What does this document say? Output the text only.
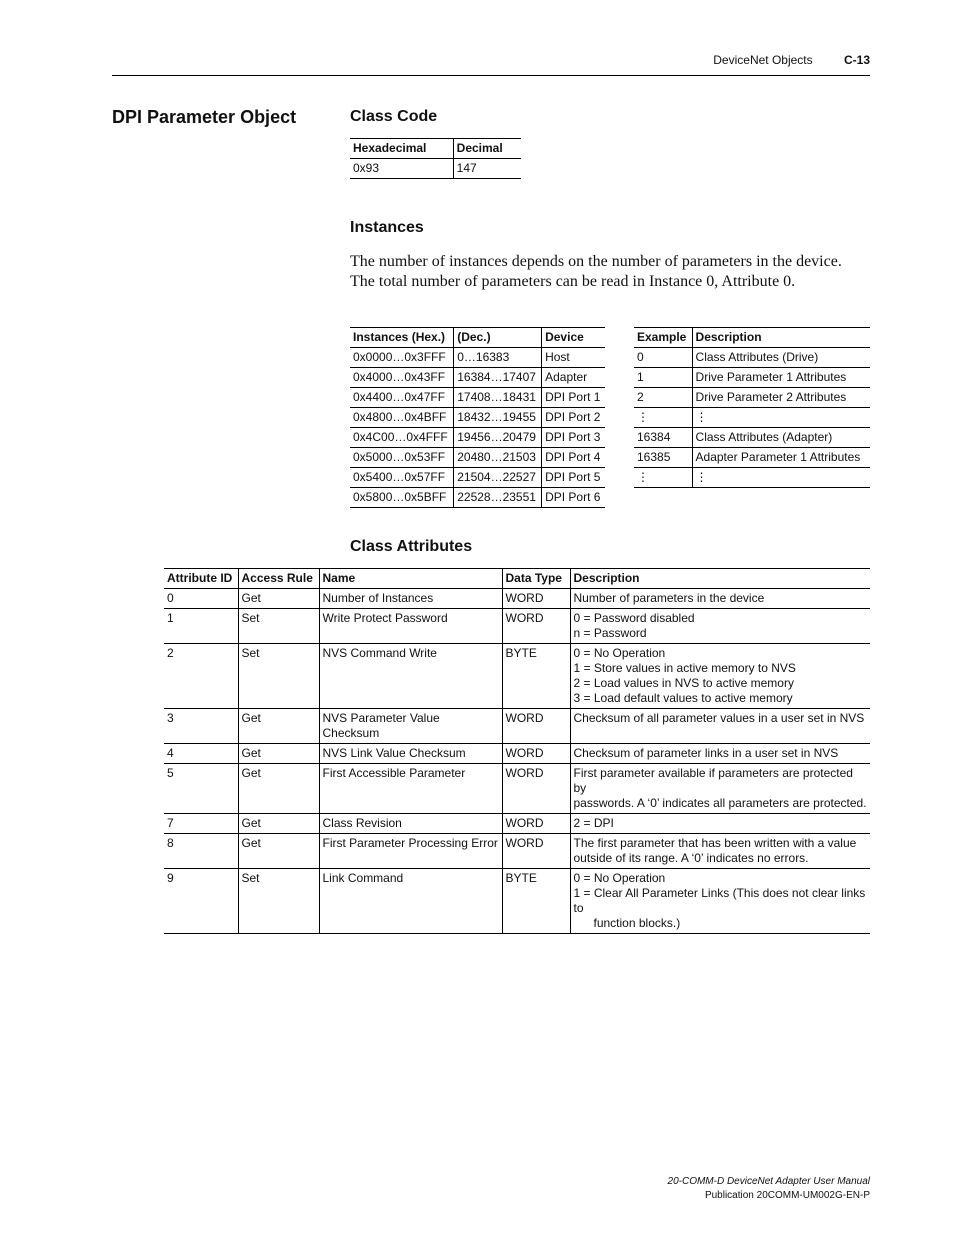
DeviceNet Objects	C-13
DPI Parameter Object	Class Code
Hexadecimal	Decimal
0x93	147
Instances
The number of instances depends on the number of parameters in the device. The total number of parameters can be read in Instance 0, Attribute 0.
Instances (Hex.)	(Dec.)	Device
0x0000…0x3FFF	0…16383	Host
0x4000…0x43FF	16384…17407	Adapter
0x4400…0x47FF	17408…18431	DPI Port 1
0x4800…0x4BFF	18432…19455	DPI Port 2
0x4C00…0x4FFF	19456…20479	DPI Port 3
0x5000…0x53FF	20480…21503	DPI Port 4
0x5400…0x57FF	21504…22527	DPI Port 5
0x5800…0x5BFF	22528…23551	DPI Port 6
Example	Description
0	Class Attributes (Drive)
1	Drive Parameter 1 Attributes
2	Drive Parameter 2 Attributes
⋮	⋮
16384	Class Attributes (Adapter)
16385	Adapter Parameter 1 Attributes
⋮	⋮
Class Attributes
Attribute ID	Access Rule	Name	Data Type	Description
0	Get	Number of Instances	WORD	Number of parameters in the device

1	Set	Write Protect Password	WORD	0 = Password disabled
n = Password

2	Set	NVS Command Write	BYTE	0 = No Operation
1 = Store values in active memory to NVS
2 = Load values in NVS to active memory
3 = Load default values to active memory

3	Get	NVS Parameter Value Checksum	WORD	Checksum of all parameter values in a user set in NVS

4	Get	NVS Link Value Checksum	WORD	Checksum of parameter links in a user set in NVS

5	Get	First Accessible Parameter	WORD	First parameter available if parameters are protected by
passwords. A ‘0’ indicates all parameters are protected.

7	Get	Class Revision	WORD	2 = DPI

8	Get	First Parameter Processing Error	WORD	The first parameter that has been written with a value
outside of its range. A ‘0’ indicates no errors.

9	Set	Link Command	BYTE	0 = No Operation
1 = Clear All Parameter Links (This does not clear links to
function blocks.)
20-COMM-D DeviceNet Adapter User Manual
Publication 20COMM-UM002G-EN-P
